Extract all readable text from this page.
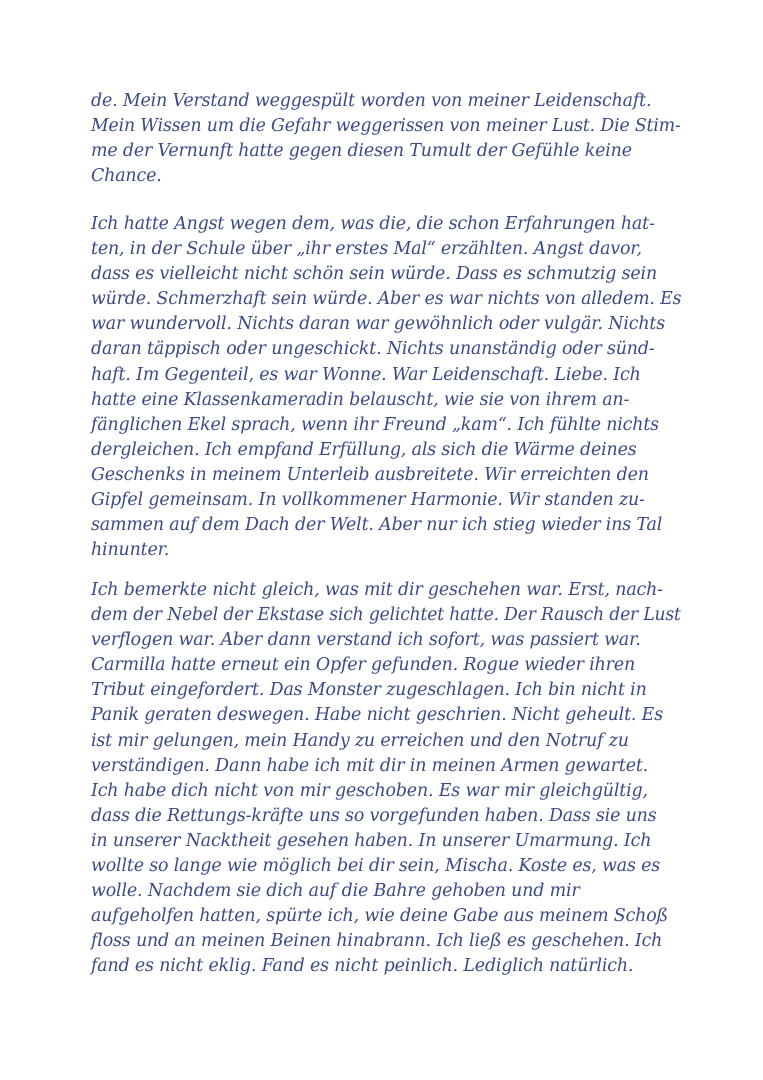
de. Mein Verstand weggespült worden von meiner Leidenschaft.
Mein Wissen um die Gefahr weggerissen von meiner Lust. Die Stim-
me der Vernunft hatte gegen diesen Tumult der Gefühle keine
Chance.
Ich hatte Angst wegen dem, was die, die schon Erfahrungen hat-
ten, in der Schule über „ihr erstes Mal“ erzählten. Angst davor,
dass es vielleicht nicht schön sein würde. Dass es schmutzig sein
würde. Schmerzhaft sein würde. Aber es war nichts von alledem. Es
war wundervoll. Nichts daran war gewöhnlich oder vulgär. Nichts
daran täppisch oder ungeschickt. Nichts unanständig oder sünd-
haft. Im Gegenteil, es war Wonne. War Leidenschaft. Liebe. Ich
hatte eine Klassenkameradin belauscht, wie sie von ihrem an-
fänglichen Ekel sprach, wenn ihr Freund „kam“. Ich fühlte nichts
dergleichen. Ich empfand Erfüllung, als sich die Wärme deines
Geschenks in meinem Unterleib ausbreitete. Wir erreichten den
Gipfel gemeinsam. In vollkommener Harmonie. Wir standen zu-
sammen auf dem Dach der Welt. Aber nur ich stieg wieder ins Tal
hinunter.
Ich bemerkte nicht gleich, was mit dir geschehen war. Erst, nach-
dem der Nebel der Ekstase sich gelichtet hatte. Der Rausch der Lust
verflogen war. Aber dann verstand ich sofort, was passiert war.
Carmilla hatte erneut ein Opfer gefunden. Rogue wieder ihren
Tribut eingefordert. Das Monster zugeschlagen. Ich bin nicht in
Panik geraten deswegen. Habe nicht geschrien. Nicht geheult. Es
ist mir gelungen, mein Handy zu erreichen und den Notruf zu
verständigen. Dann habe ich mit dir in meinen Armen gewartet.
Ich habe dich nicht von mir geschoben. Es war mir gleichgültig,
dass die Rettungs-kräfte uns so vorgefunden haben. Dass sie uns
in unserer Nacktheit gesehen haben. In unserer Umarmung. Ich
wollte so lange wie möglich bei dir sein, Mischa. Koste es, was es
wolle. Nachdem sie dich auf die Bahre gehoben und mir
aufgeholfen hatten, spürte ich, wie deine Gabe aus meinem Schoß
floss und an meinen Beinen hinabrann. Ich ließ es geschehen. Ich
fand es nicht eklig. Fand es nicht peinlich. Lediglich natürlich.
